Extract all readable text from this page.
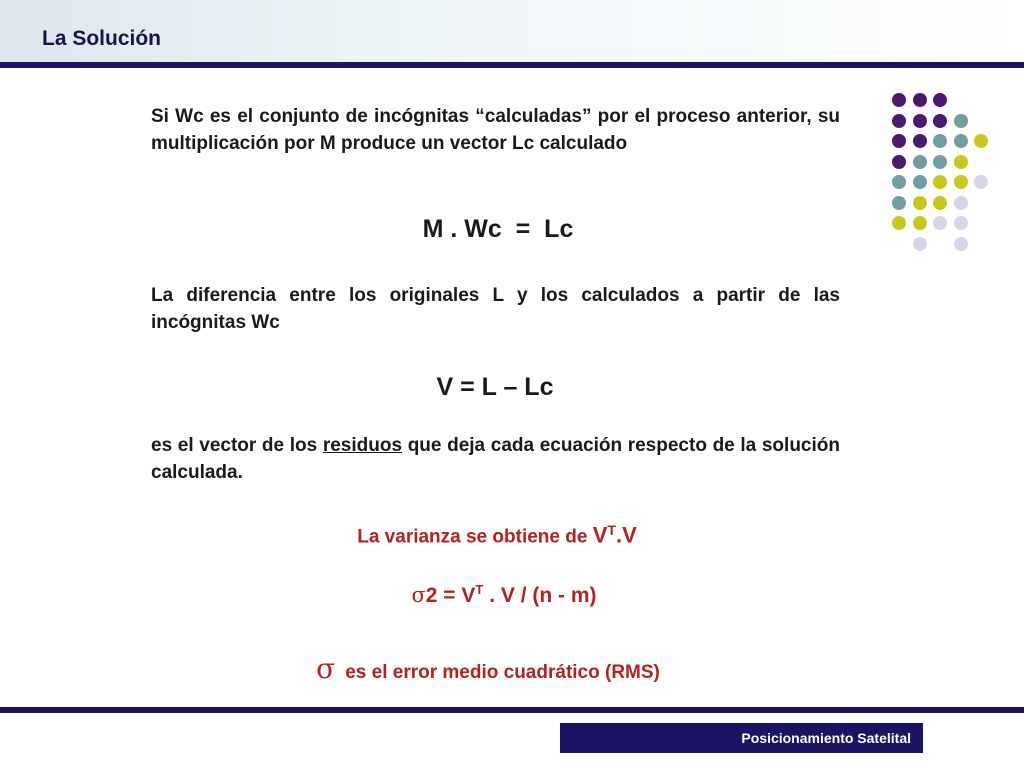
La Solución
Si Wc es el conjunto de incógnitas “calculadas” por el proceso anterior, su multiplicación por M produce un vector Lc calculado
M . Wc  =  Lc
La diferencia entre los originales L y los calculados a partir de las incógnitas Wc
V = L – Lc
es el vector de los residuos que deja cada ecuación respecto de la solución calculada.
La varianza se obtiene de $V^T.V$
$\sigma 2 = V^T$ . V / (n - m)
σ es el error medio cuadrático (RMS)
Posicionamiento Satelital
